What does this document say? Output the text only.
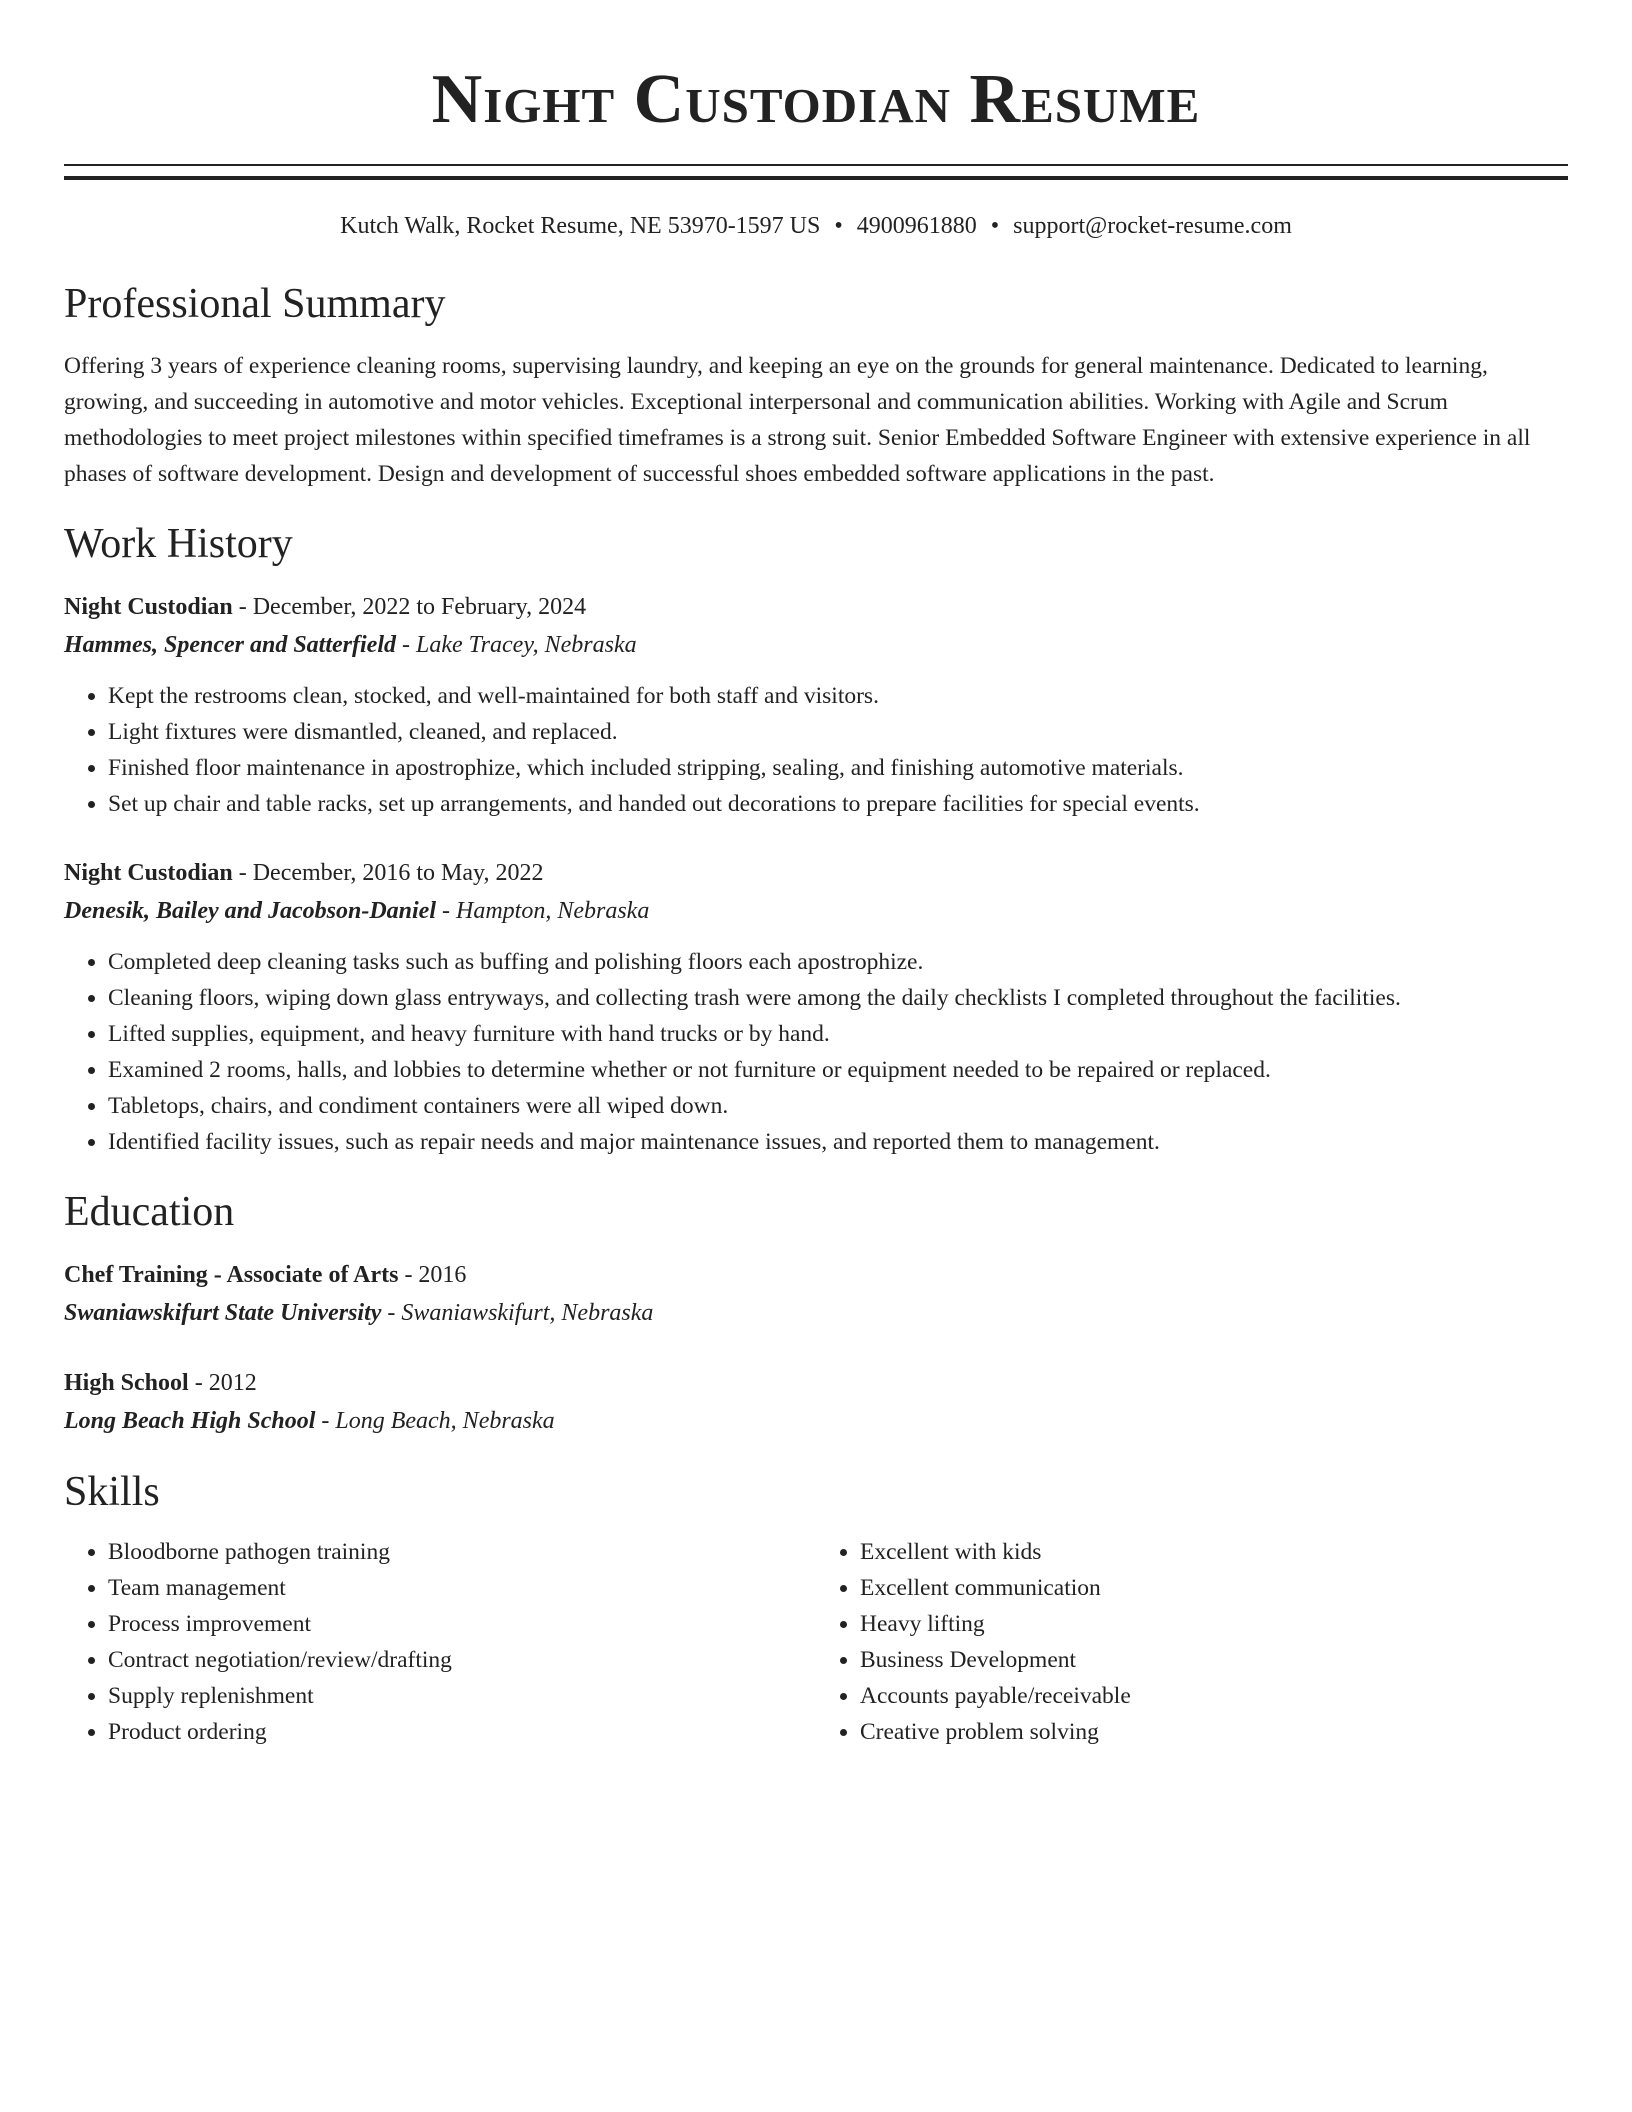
Night Custodian Resume
Kutch Walk, Rocket Resume, NE 53970-1597 US • 4900961880 • support@rocket-resume.com
Professional Summary
Offering 3 years of experience cleaning rooms, supervising laundry, and keeping an eye on the grounds for general maintenance. Dedicated to learning, growing, and succeeding in automotive and motor vehicles. Exceptional interpersonal and communication abilities. Working with Agile and Scrum methodologies to meet project milestones within specified timeframes is a strong suit. Senior Embedded Software Engineer with extensive experience in all phases of software development. Design and development of successful shoes embedded software applications in the past.
Work History
Night Custodian - December, 2022 to February, 2024
Hammes, Spencer and Satterfield - Lake Tracey, Nebraska
• Kept the restrooms clean, stocked, and well-maintained for both staff and visitors.
• Light fixtures were dismantled, cleaned, and replaced.
• Finished floor maintenance in apostrophize, which included stripping, sealing, and finishing automotive materials.
• Set up chair and table racks, set up arrangements, and handed out decorations to prepare facilities for special events.
Night Custodian - December, 2016 to May, 2022
Denesik, Bailey and Jacobson-Daniel - Hampton, Nebraska
• Completed deep cleaning tasks such as buffing and polishing floors each apostrophize.
• Cleaning floors, wiping down glass entryways, and collecting trash were among the daily checklists I completed throughout the facilities.
• Lifted supplies, equipment, and heavy furniture with hand trucks or by hand.
• Examined 2 rooms, halls, and lobbies to determine whether or not furniture or equipment needed to be repaired or replaced.
• Tabletops, chairs, and condiment containers were all wiped down.
• Identified facility issues, such as repair needs and major maintenance issues, and reported them to management.
Education
Chef Training - Associate of Arts - 2016
Swaniawskifurt State University - Swaniawskifurt, Nebraska
High School - 2012
Long Beach High School - Long Beach, Nebraska
Skills
• Bloodborne pathogen training
• Team management
• Process improvement
• Contract negotiation/review/drafting
• Supply replenishment
• Product ordering
• Excellent with kids
• Excellent communication
• Heavy lifting
• Business Development
• Accounts payable/receivable
• Creative problem solving
